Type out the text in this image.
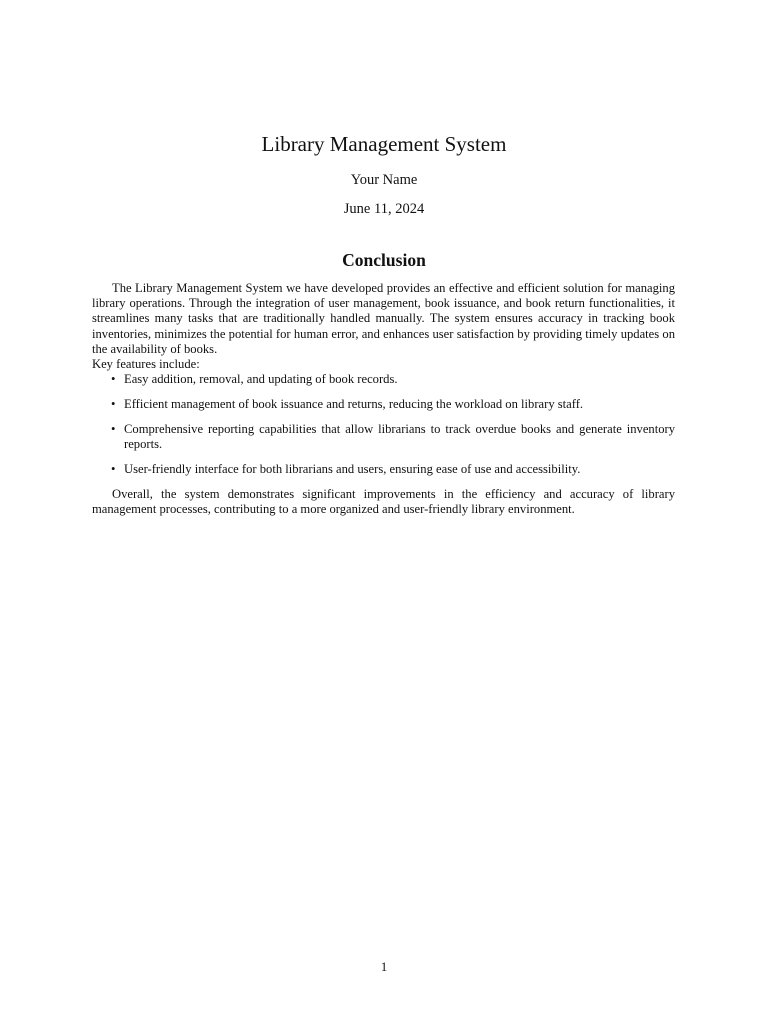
Library Management System
Your Name
June 11, 2024
Conclusion

The Library Management System we have developed provides an effective and efficient solution for managing library operations. Through the integration of user management, book issuance, and book return functionalities, it streamlines many tasks that are traditionally handled manually. The system ensures accuracy in tracking book inventories, minimizes the potential for human error, and enhances user satisfaction by providing timely updates on the availability of books.

Key features include:

• Easy addition, removal, and updating of book records.
• Efficient management of book issuance and returns, reducing the workload on library staff.
• Comprehensive reporting capabilities that allow librarians to track overdue books and generate inventory reports.
• User-friendly interface for both librarians and users, ensuring ease of use and accessibility.

Overall, the system demonstrates significant improvements in the efficiency and accuracy of library management processes, contributing to a more organized and user-friendly library environment.

1
